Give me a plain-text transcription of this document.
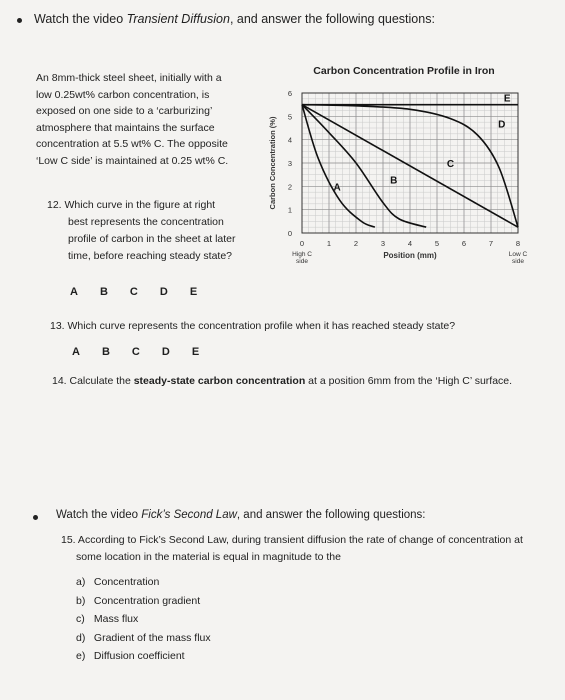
Watch the video Transient Diffusion, and answer the following questions:
An 8mm-thick steel sheet, initially with a
low 0.25wt% carbon concentration, is
exposed on one side to a ‘carburizing’
atmosphere that maintains the surface
concentration at 5.5 wt% C. The opposite
‘Low C side’ is maintained at 0.25 wt% C.
12. Which curve in the figure at right
best represents the concentration
profile of carbon in the sheet at later
time, before reaching steady state?
A B C D E
Carbon Concentration Profile in Iron
0
1
2
3
4
5
6
0	1	2	3	4	5	6	7	8
High C
side
Low C
side
Position (mm)
Carbon Concentration (%)	A
B
C
D
E
13. Which curve represents the concentration profile when it has reached steady state?
A B C D E
14. Calculate the steady-state carbon concentration at a position 6mm from the ‘High C’ surface.
Watch the video Fick’s Second Law, and answer the following questions:
15. According to Fick’s Second Law, during transient diffusion the rate of change of concentration at
some location in the material is equal in magnitude to the
a) Concentration
b) Concentration gradient
c) Mass flux
d) Gradient of the mass flux
e) Diffusion coefficient
